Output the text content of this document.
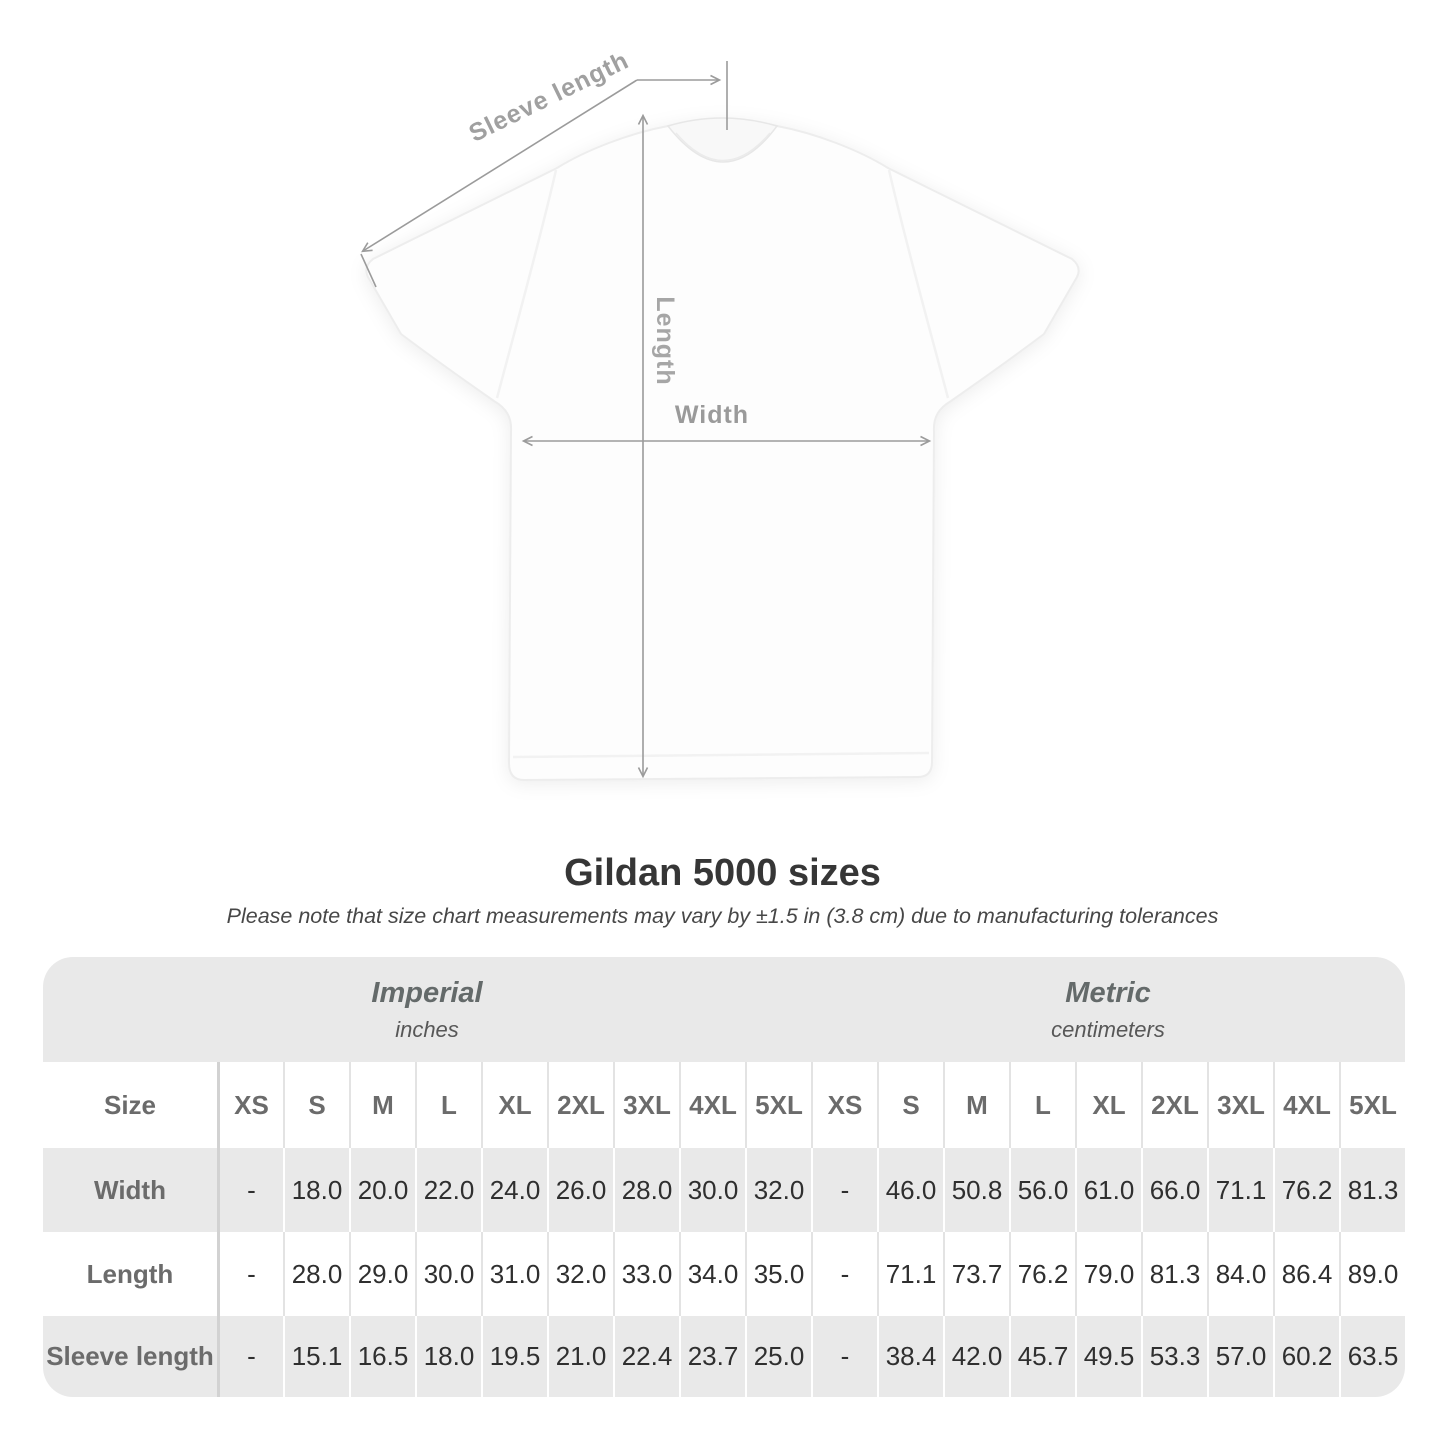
Sleeve length
Length
Width
Gildan 5000 sizes
Please note that size chart measurements may vary by ±1.5 in (3.8 cm) due to manufacturing tolerances
Imperial
inches
Metric
centimeters
Size	XS	S	M	L	XL 2XL 3XL 4XL 5XL XS	S	M	L	XL 2XL 3XL 4XL 5XL
Width	-	18.0 20.0 22.0 24.0 26.0 28.0 30.0 32.0	-	46.0 50.8 56.0 61.0 66.0 71.1 76.2 81.3
Length	-	28.0 29.0 30.0 31.0 32.0 33.0 34.0 35.0	-	71.1 73.7 76.2 79.0 81.3 84.0 86.4 89.0
Sleeve length	-	15.1 16.5 18.0 19.5 21.0 22.4 23.7 25.0	-	38.4 42.0 45.7 49.5 53.3 57.0 60.2 63.5
